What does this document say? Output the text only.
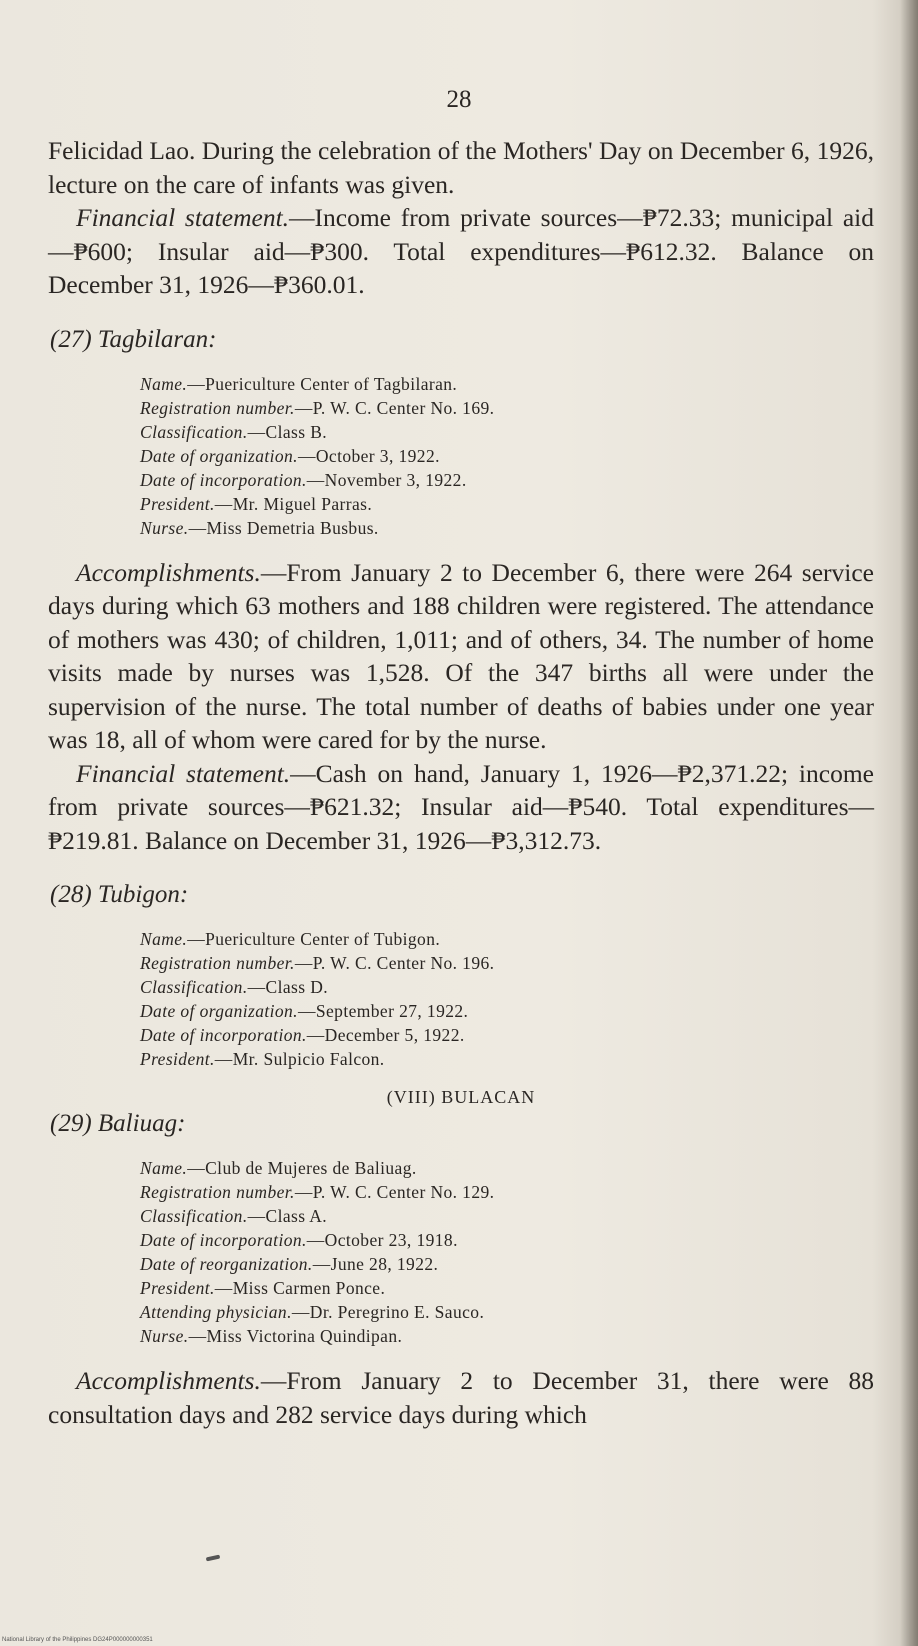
28

Felicidad Lao. During the celebration of the Mothers' Day on December 6, 1926, lecture on the care of infants was given.

Financial statement.—Income from private sources—₱72.33; municipal aid—₱600; Insular aid—₱300. Total expenditures—₱612.32. Balance on December 31, 1926—₱360.01.

(27) Tagbilaran:
Name.—Puericulture Center of Tagbilaran.
Registration number.—P. W. C. Center No. 169.
Classification.—Class B.
Date of organization.—October 3, 1922.
Date of incorporation.—November 3, 1922.
President.—Mr. Miguel Parras.
Nurse.—Miss Demetria Busbus.

Accomplishments.—From January 2 to December 6, there were 264 service days during which 63 mothers and 188 children were registered. The attendance of mothers was 430; of children, 1,011; and of others, 34. The number of home visits made by nurses was 1,528. Of the 347 births all were under the supervision of the nurse. The total number of deaths of babies under one year was 18, all of whom were cared for by the nurse.

Financial statement.—Cash on hand, January 1, 1926—₱2,371.22; income from private sources—₱621.32; Insular aid—₱540. Total expenditures—₱219.81. Balance on December 31, 1926—₱3,312.73.

(28) Tubigon:
Name.—Puericulture Center of Tubigon.
Registration number.—P. W. C. Center No. 196.
Classification.—Class D.
Date of organization.—September 27, 1922.
Date of incorporation.—December 5, 1922.
President.—Mr. Sulpicio Falcon.
(VIII) BULACAN
(29) Baliuag:
Name.—Club de Mujeres de Baliuag.
Registration number.—P. W. C. Center No. 129.
Classification.—Class A.
Date of incorporation.—October 23, 1918.
Date of reorganization.—June 28, 1922.
President.—Miss Carmen Ponce.
Attending physician.—Dr. Peregrino E. Sauco.
Nurse.—Miss Victorina Quindipan.

Accomplishments.—From January 2 to December 31, there were 88 consultation days and 282 service days during which

National Library of the Philippines DG24P000000000351
